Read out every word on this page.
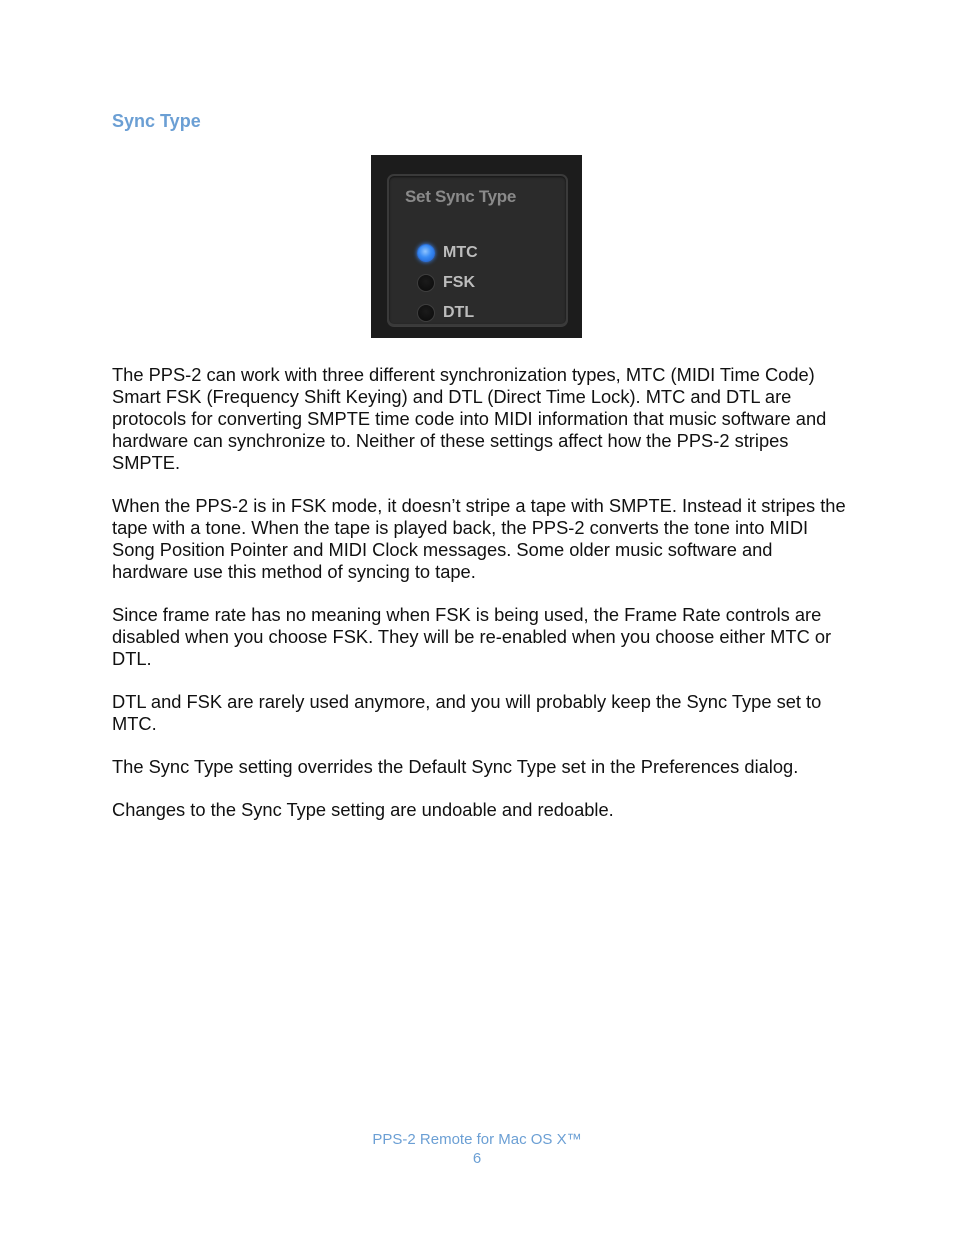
Sync Type
Set Sync Type
MTC
FSK
DTL

The PPS-2 can work with three different synchronization types, MTC (MIDI Time Code) Smart FSK (Frequency Shift Keying) and DTL (Direct Time Lock). MTC and DTL are protocols for converting SMPTE time code into MIDI information that music software and hardware can synchronize to. Neither of these settings affect how the PPS-2 stripes SMPTE.

When the PPS-2 is in FSK mode, it doesn’t stripe a tape with SMPTE. Instead it stripes the tape with a tone. When the tape is played back, the PPS-2 converts the tone into MIDI Song Position Pointer and MIDI Clock messages. Some older music software and hardware use this method of syncing to tape.

Since frame rate has no meaning when FSK is being used, the Frame Rate controls are disabled when you choose FSK. They will be re-enabled when you choose either MTC or DTL.

DTL and FSK are rarely used anymore, and you will probably keep the Sync Type set to MTC.

The Sync Type setting overrides the Default Sync Type set in the Preferences dialog.

Changes to the Sync Type setting are undoable and redoable.

PPS-2 Remote for Mac OS X™
6
